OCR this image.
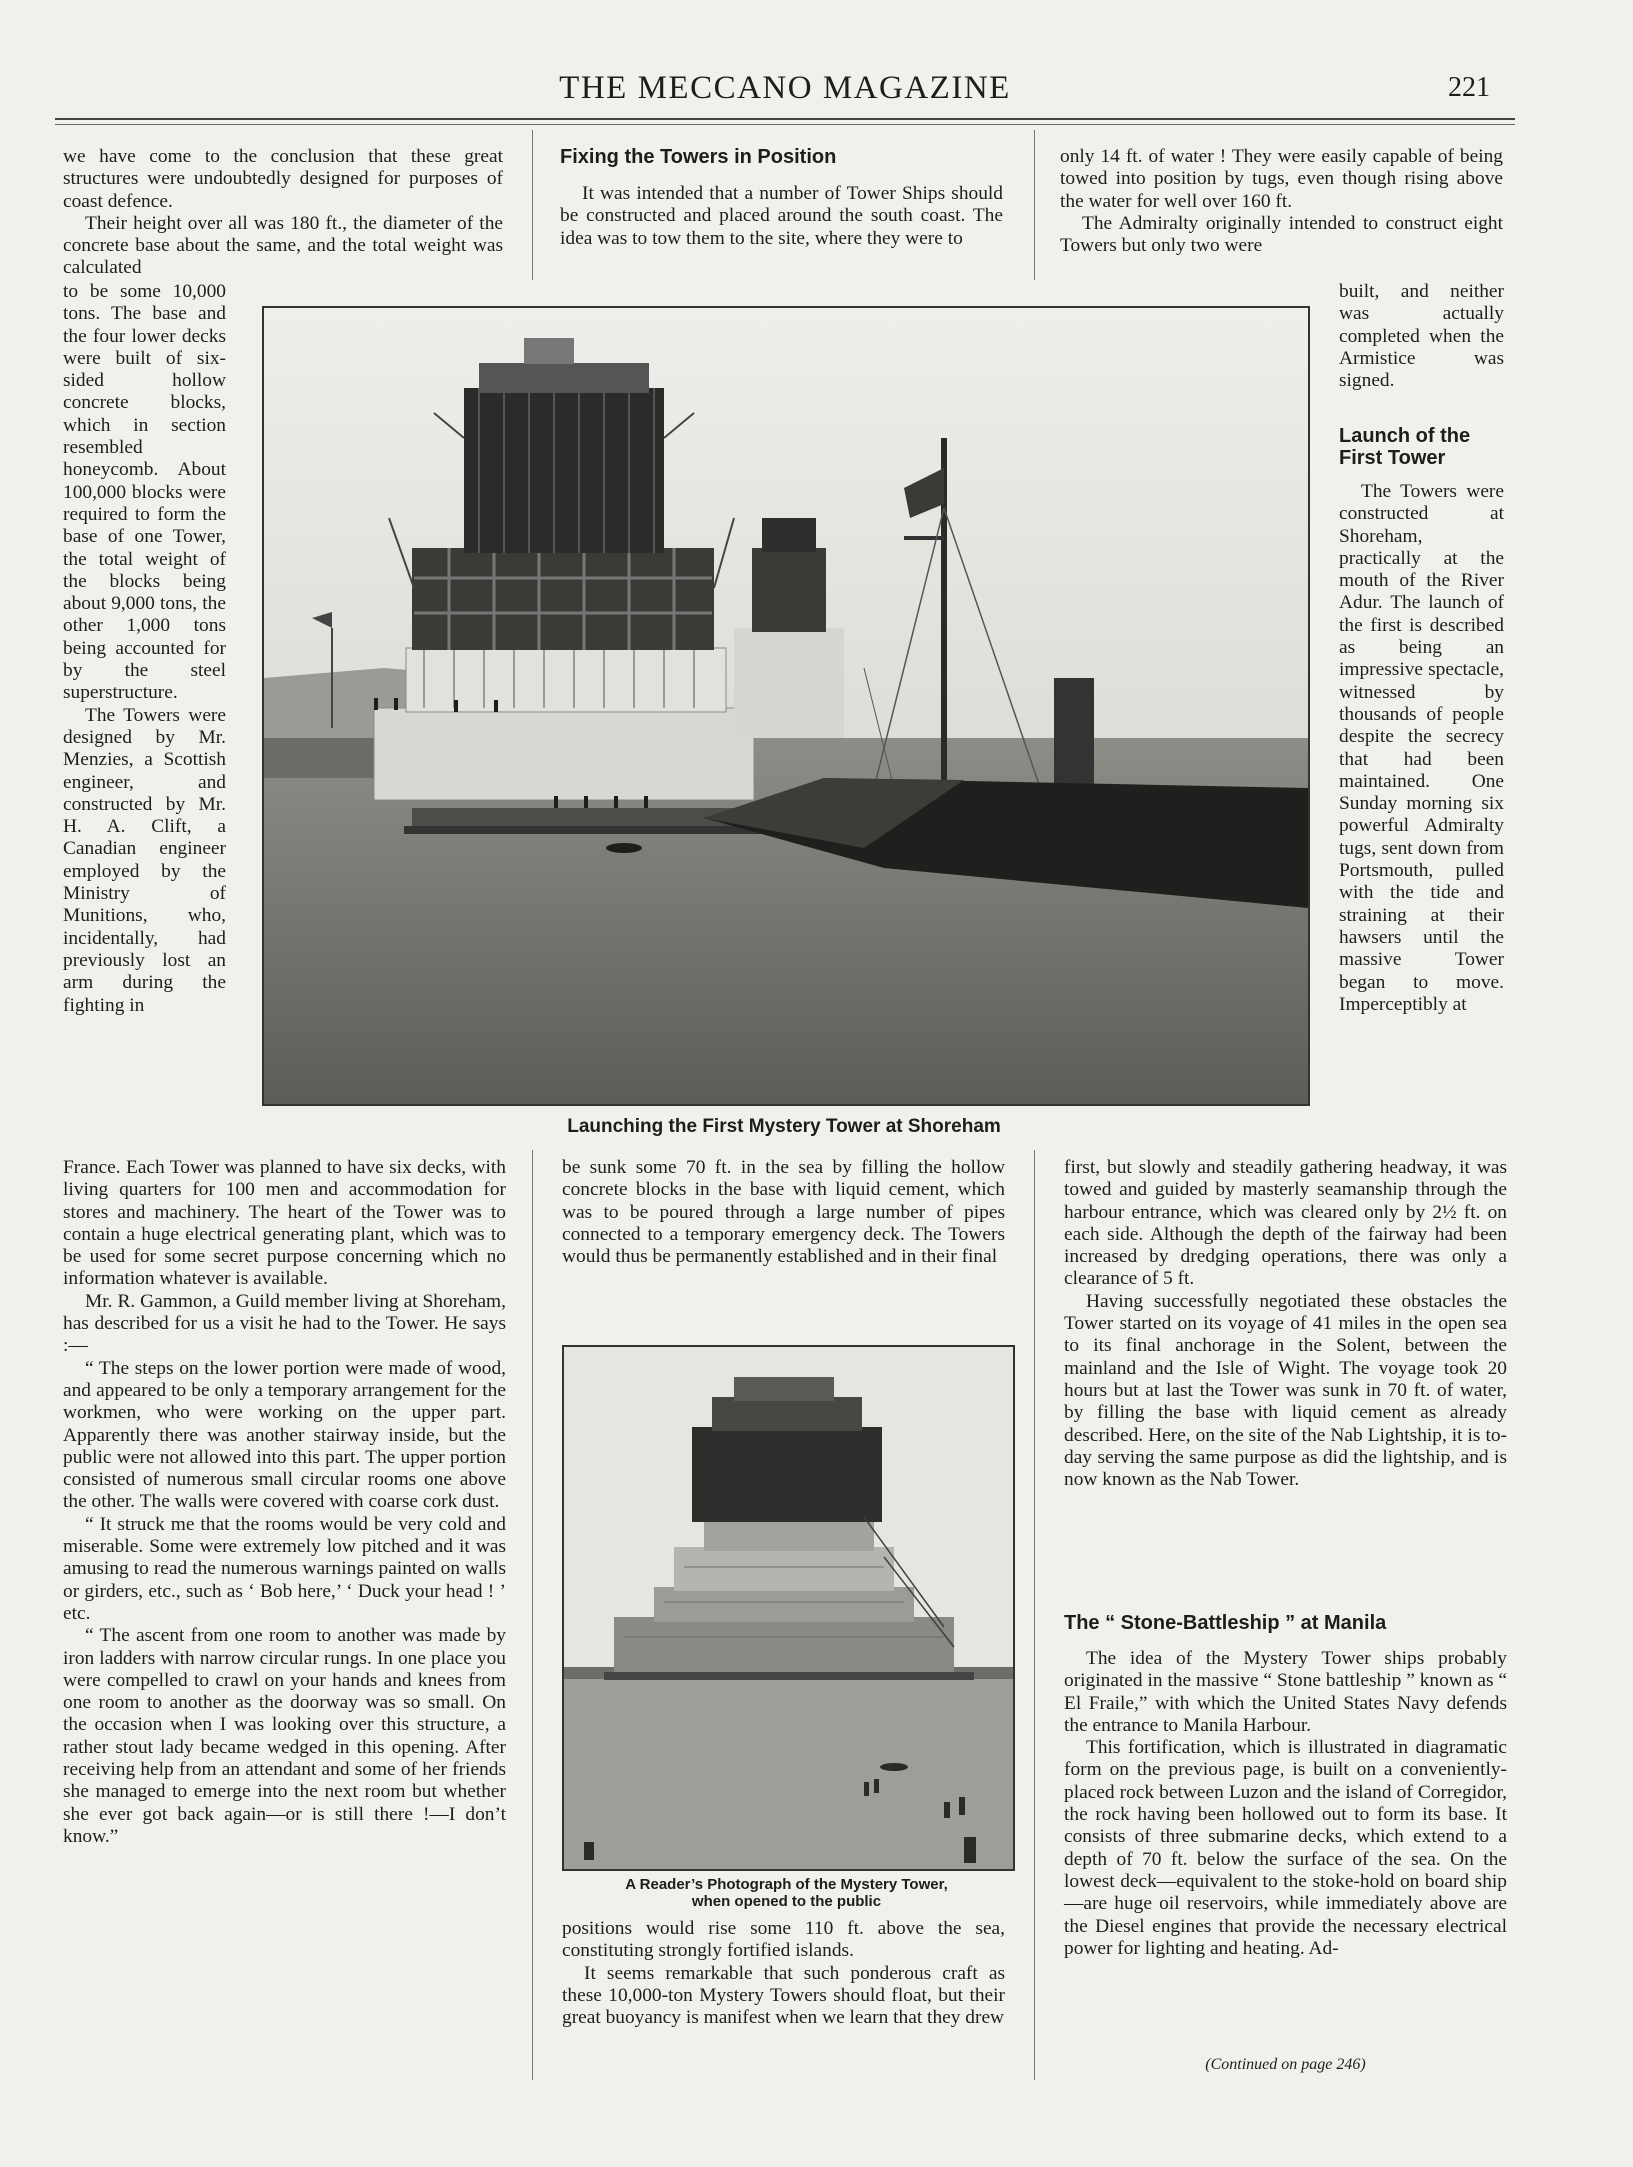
THE MECCANO MAGAZINE	221

we have come to the conclusion that these great structures were undoubtedly designed for purposes of coast defence.

Their height over all was 180 ft., the diameter of the concrete base about the same, and the total weight was calculated

to be some 10,000 tons. The base and the four lower decks were built of six-sided hollow concrete blocks, which in section resembled honeycomb. About 100,000 blocks were required to form the base of one Tower, the total weight of the blocks being about 9,000 tons, the other 1,000 tons being accounted for by the steel superstructure.

The Towers were designed by Mr. Menzies, a Scottish engineer, and constructed by Mr. H. A. Clift, a Canadian engineer employed by the Ministry of Munitions, who, incidentally, had previously lost an arm during the fighting in

France. Each Tower was planned to have six decks, with living quarters for 100 men and accommodation for stores and machinery. The heart of the Tower was to contain a huge electrical generating plant, which was to be used for some secret purpose concerning which no information whatever is available.

Mr. R. Gammon, a Guild member living at Shoreham, has described for us a visit he had to the Tower. He says :—

“ The steps on the lower portion were made of wood, and appeared to be only a temporary arrangement for the workmen, who were working on the upper part. Apparently there was another stairway inside, but the public were not allowed into this part. The upper portion consisted of numerous small circular rooms one above the other. The walls were covered with coarse cork dust.

“ It struck me that the rooms would be very cold and miserable. Some were extremely low pitched and it was amusing to read the numerous warnings painted on walls or girders, etc., such as ‘ Bob here,’ ‘ Duck your head ! ’ etc.

“ The ascent from one room to another was made by iron ladders with narrow circular rungs. In one place you were compelled to crawl on your hands and knees from one room to another as the doorway was so small. On the occasion when I was looking over this structure, a rather stout lady became wedged in this opening. After receiving help from an attendant and some of her friends she managed to emerge into the next room but whether she ever got back again—or is still there !—I don’t know.”

Fixing the Towers in Position

It was intended that a number of Tower Ships should be constructed and placed around the south coast. The idea was to tow them to the site, where they were to

be sunk some 70 ft. in the sea by filling the hollow concrete blocks in the base with liquid cement, which was to be poured through a large number of pipes connected to a temporary emergency deck. The Towers would thus be permanently established and in their final

positions would rise some 110 ft. above the sea, constituting strongly fortified islands.

It seems remarkable that such ponderous craft as these 10,000-ton Mystery Towers should float, but their great buoyancy is manifest when we learn that they drew

only 14 ft. of water ! They were easily capable of being towed into position by tugs, even though rising above the water for well over 160 ft.

The Admiralty originally intended to construct eight Towers but only two were

built, and neither was actually completed when the Armistice was signed.

Launch of the First Tower

The Towers were constructed at Shoreham, practically at the mouth of the River Adur. The launch of the first is described as being an impressive spectacle, witnessed by thousands of people despite the secrecy that had been maintained. One Sunday morning six powerful Admiralty tugs, sent down from Portsmouth, pulled with the tide and straining at their hawsers until the massive Tower began to move. Imperceptibly at

first, but slowly and steadily gathering headway, it was towed and guided by masterly seamanship through the harbour entrance, which was cleared only by 2½ ft. on each side. Although the depth of the fairway had been increased by dredging operations, there was only a clearance of 5 ft.

Having successfully negotiated these obstacles the Tower started on its voyage of 41 miles in the open sea to its final anchorage in the Solent, between the mainland and the Isle of Wight. The voyage took 20 hours but at last the Tower was sunk in 70 ft. of water, by filling the base with liquid cement as already described. Here, on the site of the Nab Lightship, it is to-day serving the same purpose as did the lightship, and is now known as the Nab Tower.

The “ Stone-Battleship ” at Manila

The idea of the Mystery Tower ships probably originated in the massive “ Stone battleship ” known as “ El Fraile,” with which the United States Navy defends the entrance to Manila Harbour.

This fortification, which is illustrated in diagramatic form on the previous page, is built on a conveniently-placed rock between Luzon and the island of Corregidor, the rock having been hollowed out to form its base. It consists of three submarine decks, which extend to a depth of 70 ft. below the surface of the sea. On the lowest deck—equivalent to the stoke-hold on board ship—are huge oil reservoirs, while immediately above are the Diesel engines that provide the necessary electrical power for lighting and heating. Ad-

(Continued on page 246)
Launching the First Mystery Tower at Shoreham
A Reader’s Photograph of the Mystery Tower,
when opened to the public
